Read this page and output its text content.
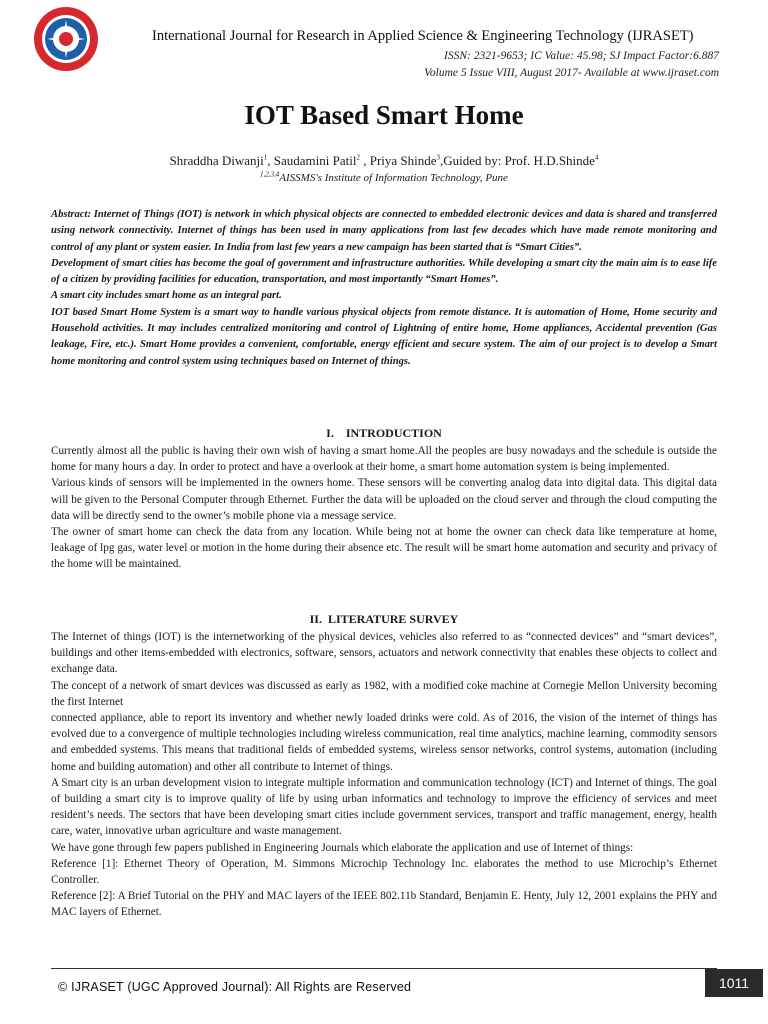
International Journal for Research in Applied Science & Engineering Technology (IJRASET)
ISSN: 2321-9653; IC Value: 45.98; SJ Impact Factor:6.887
Volume 5 Issue VIII, August 2017- Available at www.ijraset.com
IOT Based Smart Home
Shraddha Diwanji$^1$, Saudamini Patil$^2$ , Priya Shinde$^3$,Guided by: Prof. H.D.Shinde$^4$
$^{1,2,3,4}$AISSMS's Institute of Information Technology, Pune

Abstract: Internet of Things (IOT) is network in which physical objects are connected to embedded electronic devices and data is shared and transferred using network connectivity. Internet of things has been used in many applications from last few decades which have made remote monitoring and control of any plant or system easier. In India from last few years a new campaign has been started that is “Smart Cities”.

Development of smart cities has become the goal of government and infrastructure authorities. While developing a smart city the main aim is to ease life of a citizen by providing facilities for education, transportation, and most importantly “Smart Homes”.

A smart city includes smart home as an integral part.

IOT based Smart Home System is a smart way to handle various physical objects from remote distance. It is automation of Home, Home security and Household activities. It may includes centralized monitoring and control of Lightning of entire home, Home appliances, Accidental prevention (Gas leakage, Fire, etc.). Smart Home provides a convenient, comfortable, energy efficient and secure system. The aim of our project is to develop a Smart home monitoring and control system using techniques based on Internet of things.

I. INTRODUCTION

Currently almost all the public is having their own wish of having a smart home.All the peoples are busy nowadays and the schedule is outside the home for many hours a day. In order to protect and have a overlook at their home, a smart home automation system is being implemented.

Various kinds of sensors will be implemented in the owners home. These sensors will be converting analog data into digital data. This digital data will be given to the Personal Computer through Ethernet. Further the data will be uploaded on the cloud server and through the cloud computing the data will be directly send to the owner’s mobile phone via a message service.

The owner of smart home can check the data from any location. While being not at home the owner can check data like temperature at home, leakage of lpg gas, water level or motion in the home during their absence etc. The result will be smart home automation and security and privacy of the home will be maintained.

II. LITERATURE SURVEY

The Internet of things (IOT) is the internetworking of the physical devices, vehicles also referred to as “connected devices” and “smart devices”, buildings and other items-embedded with electronics, software, sensors, actuators and network connectivity that enables these objects to collect and exchange data.

The concept of a network of smart devices was discussed as early as 1982, with a modified coke machine at Cornegie Mellon University becoming the first Internet

connected appliance, able to report its inventory and whether newly loaded drinks were cold. As of 2016, the vision of the internet of things has evolved due to a convergence of multiple technologies including wireless communication, real time analytics, machine learning, commodity sensors and embedded systems. This means that traditional fields of embedded systems, wireless sensor networks, control systems, automation (including home and building automation) and other all contribute to Internet of things.

A Smart city is an urban development vision to integrate multiple information and communication technology (ICT) and Internet of things. The goal of building a smart city is to improve quality of life by using urban informatics and technology to improve the efficiency of services and meet resident’s needs. The sectors that have been developing smart cities include government services, transport and traffic management, energy, health care, water, innovative urban agriculture and waste management.

We have gone through few papers published in Engineering Journals which elaborate the application and use of Internet of things:

Reference [1]: Ethernet Theory of Operation, M. Simmons Microchip Technology Inc. elaborates the method to use Microchip’s Ethernet Controller.

Reference [2]: A Brief Tutorial on the PHY and MAC layers of the IEEE 802.11b Standard, Benjamin E. Henty, July 12, 2001 explains the PHY and MAC layers of Ethernet.

© IJRASET (UGC Approved Journal): All Rights are Reserved	1011
